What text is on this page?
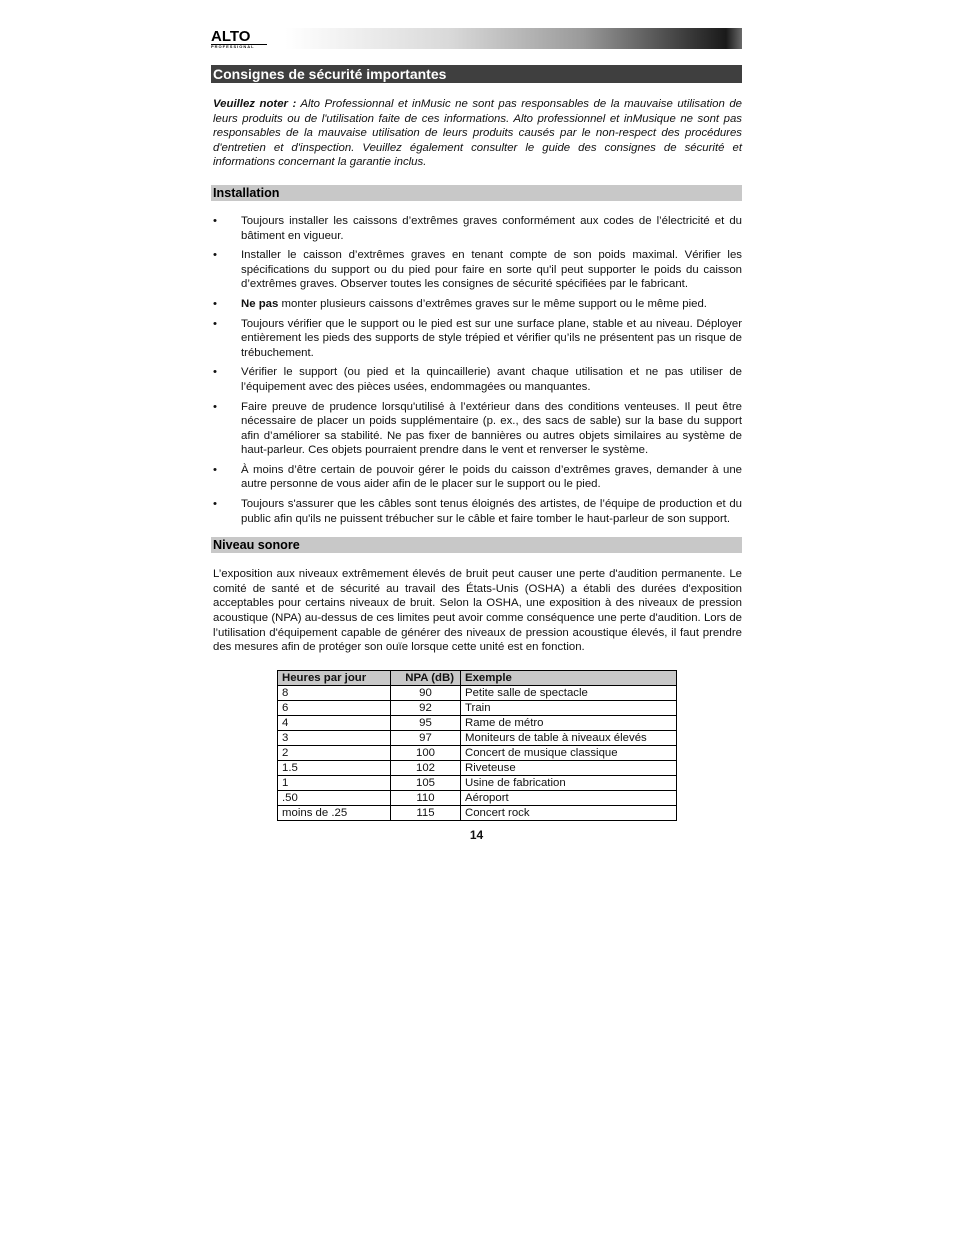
ALTO
PROFESSIONAL
Consignes de sécurité importantes

Veuillez noter : Alto Professionnal et inMusic ne sont pas responsables de la mauvaise utilisation de leurs produits ou de l'utilisation faite de ces informations. Alto professionnel et inMusique ne sont pas responsables de la mauvaise utilisation de leurs produits causés par le non-respect des procédures d'entretien et d'inspection. Veuillez également consulter le guide des consignes de sécurité et informations concernant la garantie inclus.

Installation
• Toujours installer les caissons d’extrêmes graves conformément aux codes de l’électricité et du bâtiment en vigueur.
• Installer le caisson d’extrêmes graves en tenant compte de son poids maximal. Vérifier les spécifications du support ou du pied pour faire en sorte qu'il peut supporter le poids du caisson d’extrêmes graves. Observer toutes les consignes de sécurité spécifiées par le fabricant.
• Ne pas monter plusieurs caissons d’extrêmes graves sur le même support ou le même pied.
• Toujours vérifier que le support ou le pied est sur une surface plane, stable et au niveau. Déployer entièrement les pieds des supports de style trépied et vérifier qu’ils ne présentent pas un risque de trébuchement.
• Vérifier le support (ou pied et la quincaillerie) avant chaque utilisation et ne pas utiliser de l’équipement avec des pièces usées, endommagées ou manquantes.
• Faire preuve de prudence lorsqu'utilisé à l’extérieur dans des conditions venteuses. Il peut être nécessaire de placer un poids supplémentaire (p. ex., des sacs de sable) sur la base du support afin d’améliorer sa stabilité. Ne pas fixer de bannières ou autres objets similaires au système de haut-parleur. Ces objets pourraient prendre dans le vent et renverser le système.
• À moins d’être certain de pouvoir gérer le poids du caisson d’extrêmes graves, demander à une autre personne de vous aider afin de le placer sur le support ou le pied.
• Toujours s'assurer que les câbles sont tenus éloignés des artistes, de l’équipe de production et du public afin qu'ils ne puissent trébucher sur le câble et faire tomber le haut-parleur de son support.
Niveau sonore

L’exposition aux niveaux extrêmement élevés de bruit peut causer une perte d'audition permanente. Le comité de santé et de sécurité au travail des États-Unis (OSHA) a établi des durées d'exposition acceptables pour certains niveaux de bruit. Selon la OSHA, une exposition à des niveaux de pression acoustique (NPA) au-dessus de ces limites peut avoir comme conséquence une perte d'audition. Lors de l’utilisation d'équipement capable de générer des niveaux de pression acoustique élevés, il faut prendre des mesures afin de protéger son ouïe lorsque cette unité est en fonction.

Heures par jour	NPA (dB)	Exemple
8	90	Petite salle de spectacle
6	92	Train
4	95	Rame de métro
3	97	Moniteurs de table à niveaux élevés
2	100	Concert de musique classique
1.5	102	Riveteuse
1	105	Usine de fabrication
.50	110	Aéroport
moins de .25	115	Concert rock
14
